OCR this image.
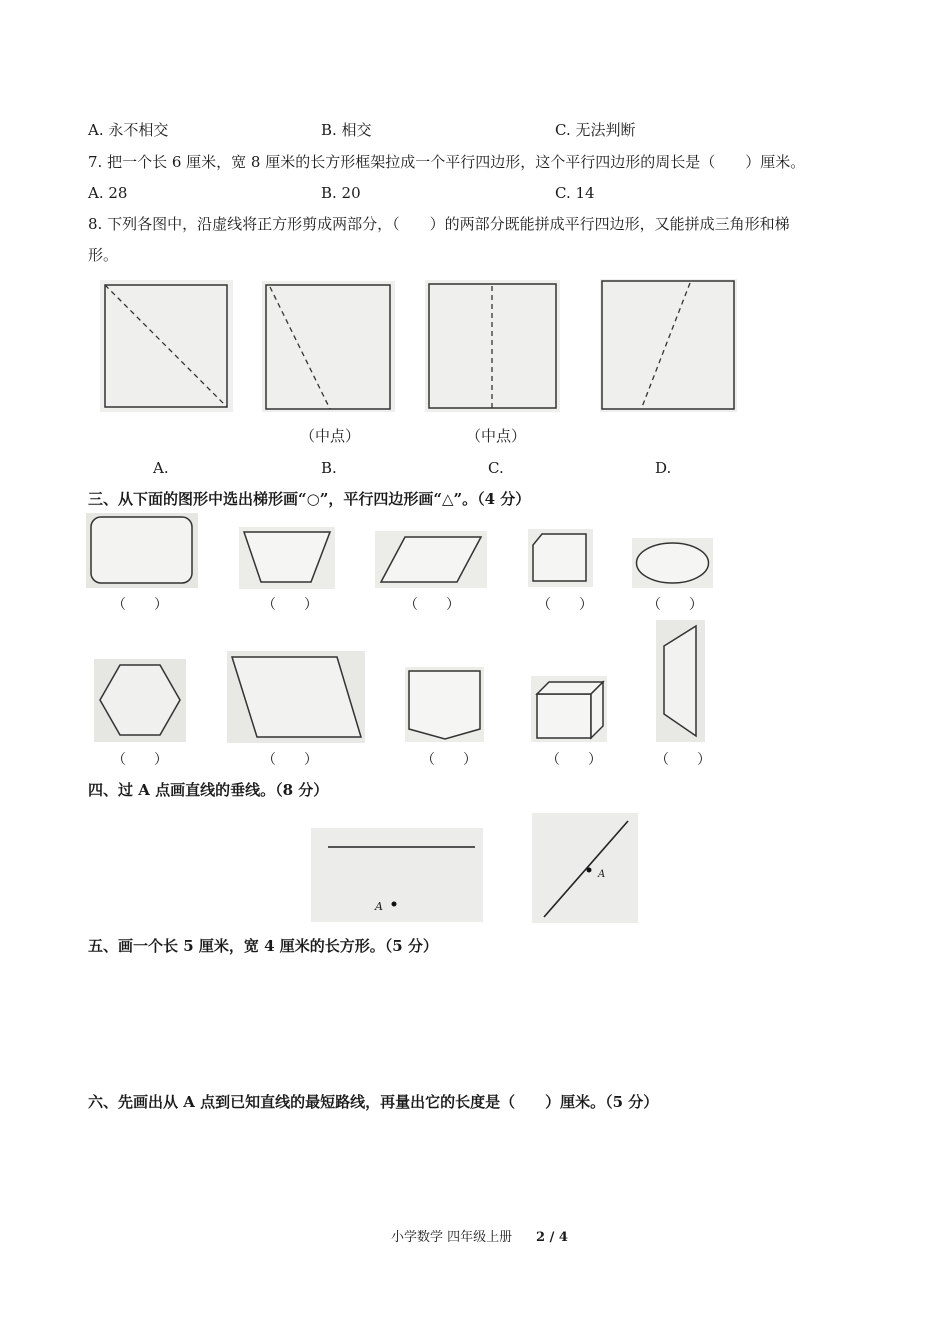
A. 永不相交	B. 相交	C. 无法判断
7. 把一个长 6 厘米，宽 8 厘米的长方形框架拉成一个平行四边形，这个平行四边形的周长是（　　）厘米。
A. 28	B. 20	C. 14
8. 下列各图中，沿虚线将正方形剪成两部分，（　　）的两部分既能拼成平行四边形，又能拼成三角形和梯
形。
（中点）	（中点）
A.	B.	C.	D.
三、从下面的图形中选出梯形画“○”，平行四边形画“△”。（4 分）
（　　）	（　　）	（　　）	（　　）	（　　）
（　　）	（　　）	（　　）	（　　）	（　　）
四、过 A 点画直线的垂线。（8 分）
A
A
五、画一个长 5 厘米，宽 4 厘米的长方形。（5 分）
六、先画出从 A 点到已知直线的最短路线，再量出它的长度是（　　）厘米。（5 分）
小学数学 四年级上册 2 / 4
